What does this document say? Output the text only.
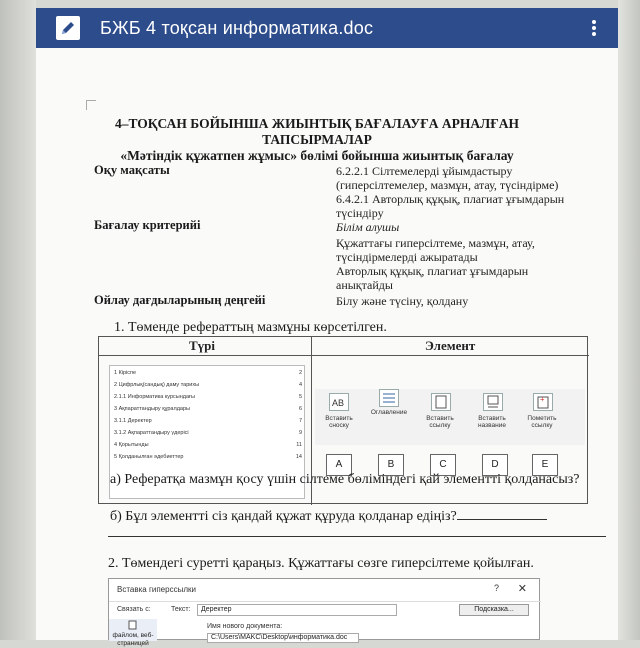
БЖБ 4 тоқсан информатика.doc
4–ТОҚСАН БОЙЫНША ЖИЫНТЫҚ БАҒАЛАУҒА АРНАЛҒАН
ТАПСЫРМАЛАР
«Мәтіндік құжатпен жұмыс» бөлімі бойынша жиынтық бағалау
Оқу мақсаты	6.2.2.1 Сілтемелерді ұйымдастыру
(гиперсілтемелер, мазмұн, атау, түсіндірме)
6.4.2.1 Авторлық құқық, плагиат ұғымдарын
түсіндіру
Бағалау критерийі	Білім алушы
Құжаттағы гиперсілтеме, мазмұн, атау,
түсіндірмелерді ажыратады
Авторлық құқық, плагиат ұғымдарын
анықтайды
Ойлау дағдыларының деңгейі	Білу және түсіну, қолдану
1. Төменде рефераттың мазмұны көрсетілген.
Түрі	Элемент
1 Кіріспе	2
2 Цифрлық(сандық) даму тарихы	4
2.1.1 Информатика курсындағы	5
3 Ақпараттандыру құралдары	6
3.1.1 Деректер	7
3.1.2 Ақпараттандыру үдерісі	9
4 Қорытынды	11
5 Қолданылған әдебиеттер	14
AB
Вставить сноску
Оглавление
Вставить ссылку
Вставить название
+
Пометить ссылку
A	B	C	D	E
а) Рефератқа мазмұн қосу үшін сілтеме бөліміндегі қай элементті қолданасыз?
б) Бұл элементті сіз қандай құжат құруда қолданар едіңіз?
2. Төмендегі суретті қараңыз. Құжаттағы сөзге гиперсілтеме қойылған.
Вставка гиперссылки	? ✕
Связать с:	Текст:	Деректер	Подсказка...
Имя нового документа:
C:\Users\MAKC\Desktop\информатика.doc
файлом, веб-страницей
